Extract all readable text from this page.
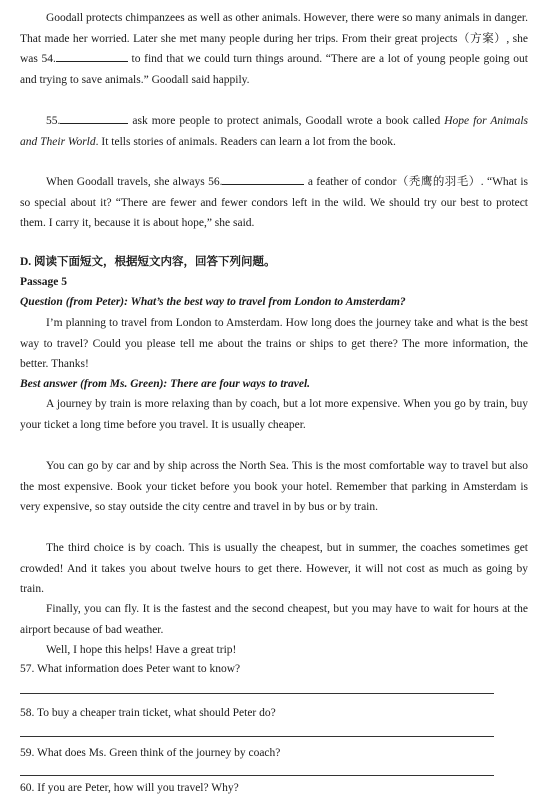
Goodall protects chimpanzees as well as other animals. However, there were so many animals in danger. That made her worried. Later she met many people during her trips. From their great projects（方案）, she was 54.	to find that we could turn things around. “There are a lot of young people going out and trying to save animals.” Goodall said happily.

55.	ask more people to protect animals, Goodall wrote a book called Hope for Animals and Their World. It tells stories of animals. Readers can learn a lot from the book.

When Goodall travels, she always 56.	a feather of condor（秃鹰的羽毛）. “What is so special about it? “There are fewer and fewer condors left in the wild. We should try our best to protect them. I carry it, because it is about hope,” she said.

D. 阅读下面短文，根据短文内容，回答下列问题。

Passage 5

Question (from Peter): What’s the best way to travel from London to Amsterdam?

I’m planning to travel from London to Amsterdam. How long does the journey take and what is the best way to travel? Could you please tell me about the trains or ships to get there? The more information, the better. Thanks!

Best answer (from Ms. Green): There are four ways to travel.

A journey by train is more relaxing than by coach, but a lot more expensive. When you go by train, buy your ticket a long time before you travel. It is usually cheaper.

You can go by car and by ship across the North Sea. This is the most comfortable way to travel but also the most expensive. Book your ticket before you book your hotel. Remember that parking in Amsterdam is very expensive, so stay outside the city centre and travel in by bus or by train.

The third choice is by coach. This is usually the cheapest, but in summer, the coaches sometimes get crowded! And it takes you about twelve hours to get there. However, it will not cost as much as going by train.

Finally, you can fly. It is the fastest and the second cheapest, but you may have to wait for hours at the airport because of bad weather.

Well, I hope this helps! Have a great trip!

57. What information does Peter want to know?

58. To buy a cheaper train ticket, what should Peter do?

59. What does Ms. Green think of the journey by coach?

60. If you are Peter, how will you travel? Why?
